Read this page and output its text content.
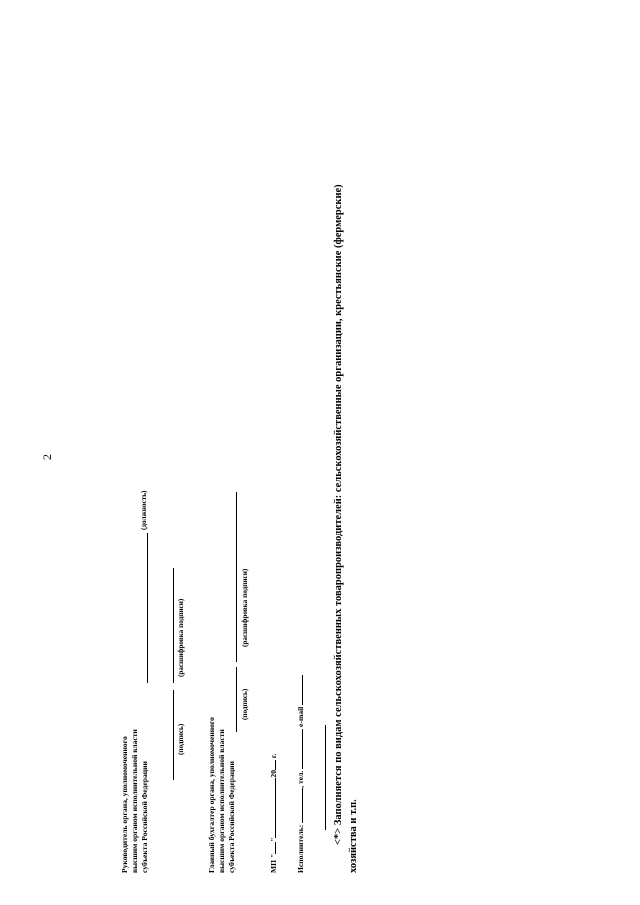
2
Руководитель органа, уполномоченного высшим органом исполнительной власти субъекта Российской Федерации
(должность)
(подпись)
(расшифровка подписи)
Главный бухгалтер органа, уполномоченного высшим органом исполнительной власти субъекта Российской Федерации
(подпись)
(расшифровка подписи)
МП ""20 г.
Исполнитель: , тел.  e-mail	<*> Заполняется по видам сельскохозяйственных товаропроизводителей: сельскохозяйственные организации, крестьянские (фермерские) хозяйства и т.п.
